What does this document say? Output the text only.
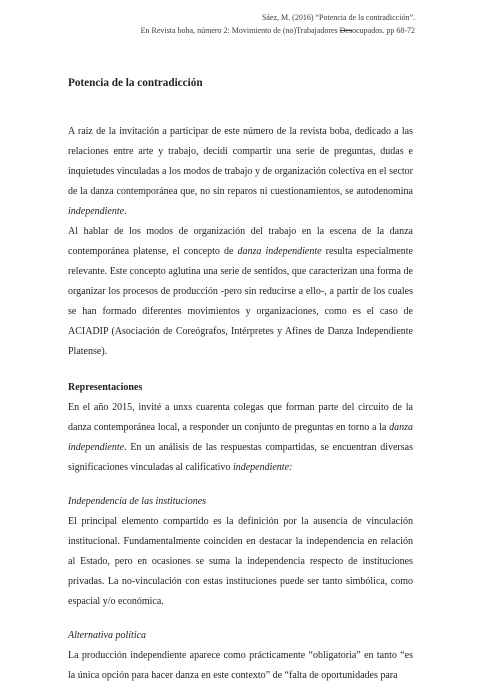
Sáez, M. (2016) “Potencia de la contradicción”.
En Revista boba, número 2: Movimiento de (no)Trabajadores Desocupados. pp 68-72
Potencia de la contradicción

A raíz de la invitación a participar de este número de la revista boba, dedicado a las relaciones entre arte y trabajo, decidí compartir una serie de preguntas, dudas e inquietudes vinculadas a los modos de trabajo y de organización colectiva en el sector de la danza contemporánea que, no sin reparos ni cuestionamientos, se autodenomina independiente.

Al hablar de los modos de organización del trabajo en la escena de la danza contemporánea platense, el concepto de danza independiente resulta especialmente relevante. Este concepto aglutina una serie de sentidos, que caracterizan una forma de organizar los procesos de producción -pero sin reducirse a ello-, a partir de los cuales se han formado diferentes movimientos y organizaciones, como es el caso de ACIADIP (Asociación de Coreógrafos, Intérpretes y Afines de Danza Independiente Platense).

Representaciones

En el año 2015, invité a unxs cuarenta colegas que forman parte del circuito de la danza contemporánea local, a responder un conjunto de preguntas en torno a la danza independiente. En un análisis de las respuestas compartidas, se encuentran diversas significaciones vinculadas al calificativo independiente:

Independencia de las instituciones

El principal elemento compartido es la definición por la ausencia de vinculación institucional. Fundamentalmente coinciden en destacar la independencia en relación al Estado, pero en ocasiones se suma la independencia respecto de instituciones privadas. La no-vinculación con estas instituciones puede ser tanto simbólica, como espacial y/o económica.

Alternativa política

La producción independiente aparece como prácticamente “obligatoria” en tanto “es la única opción para hacer danza en este contexto” de “falta de oportunidades para
